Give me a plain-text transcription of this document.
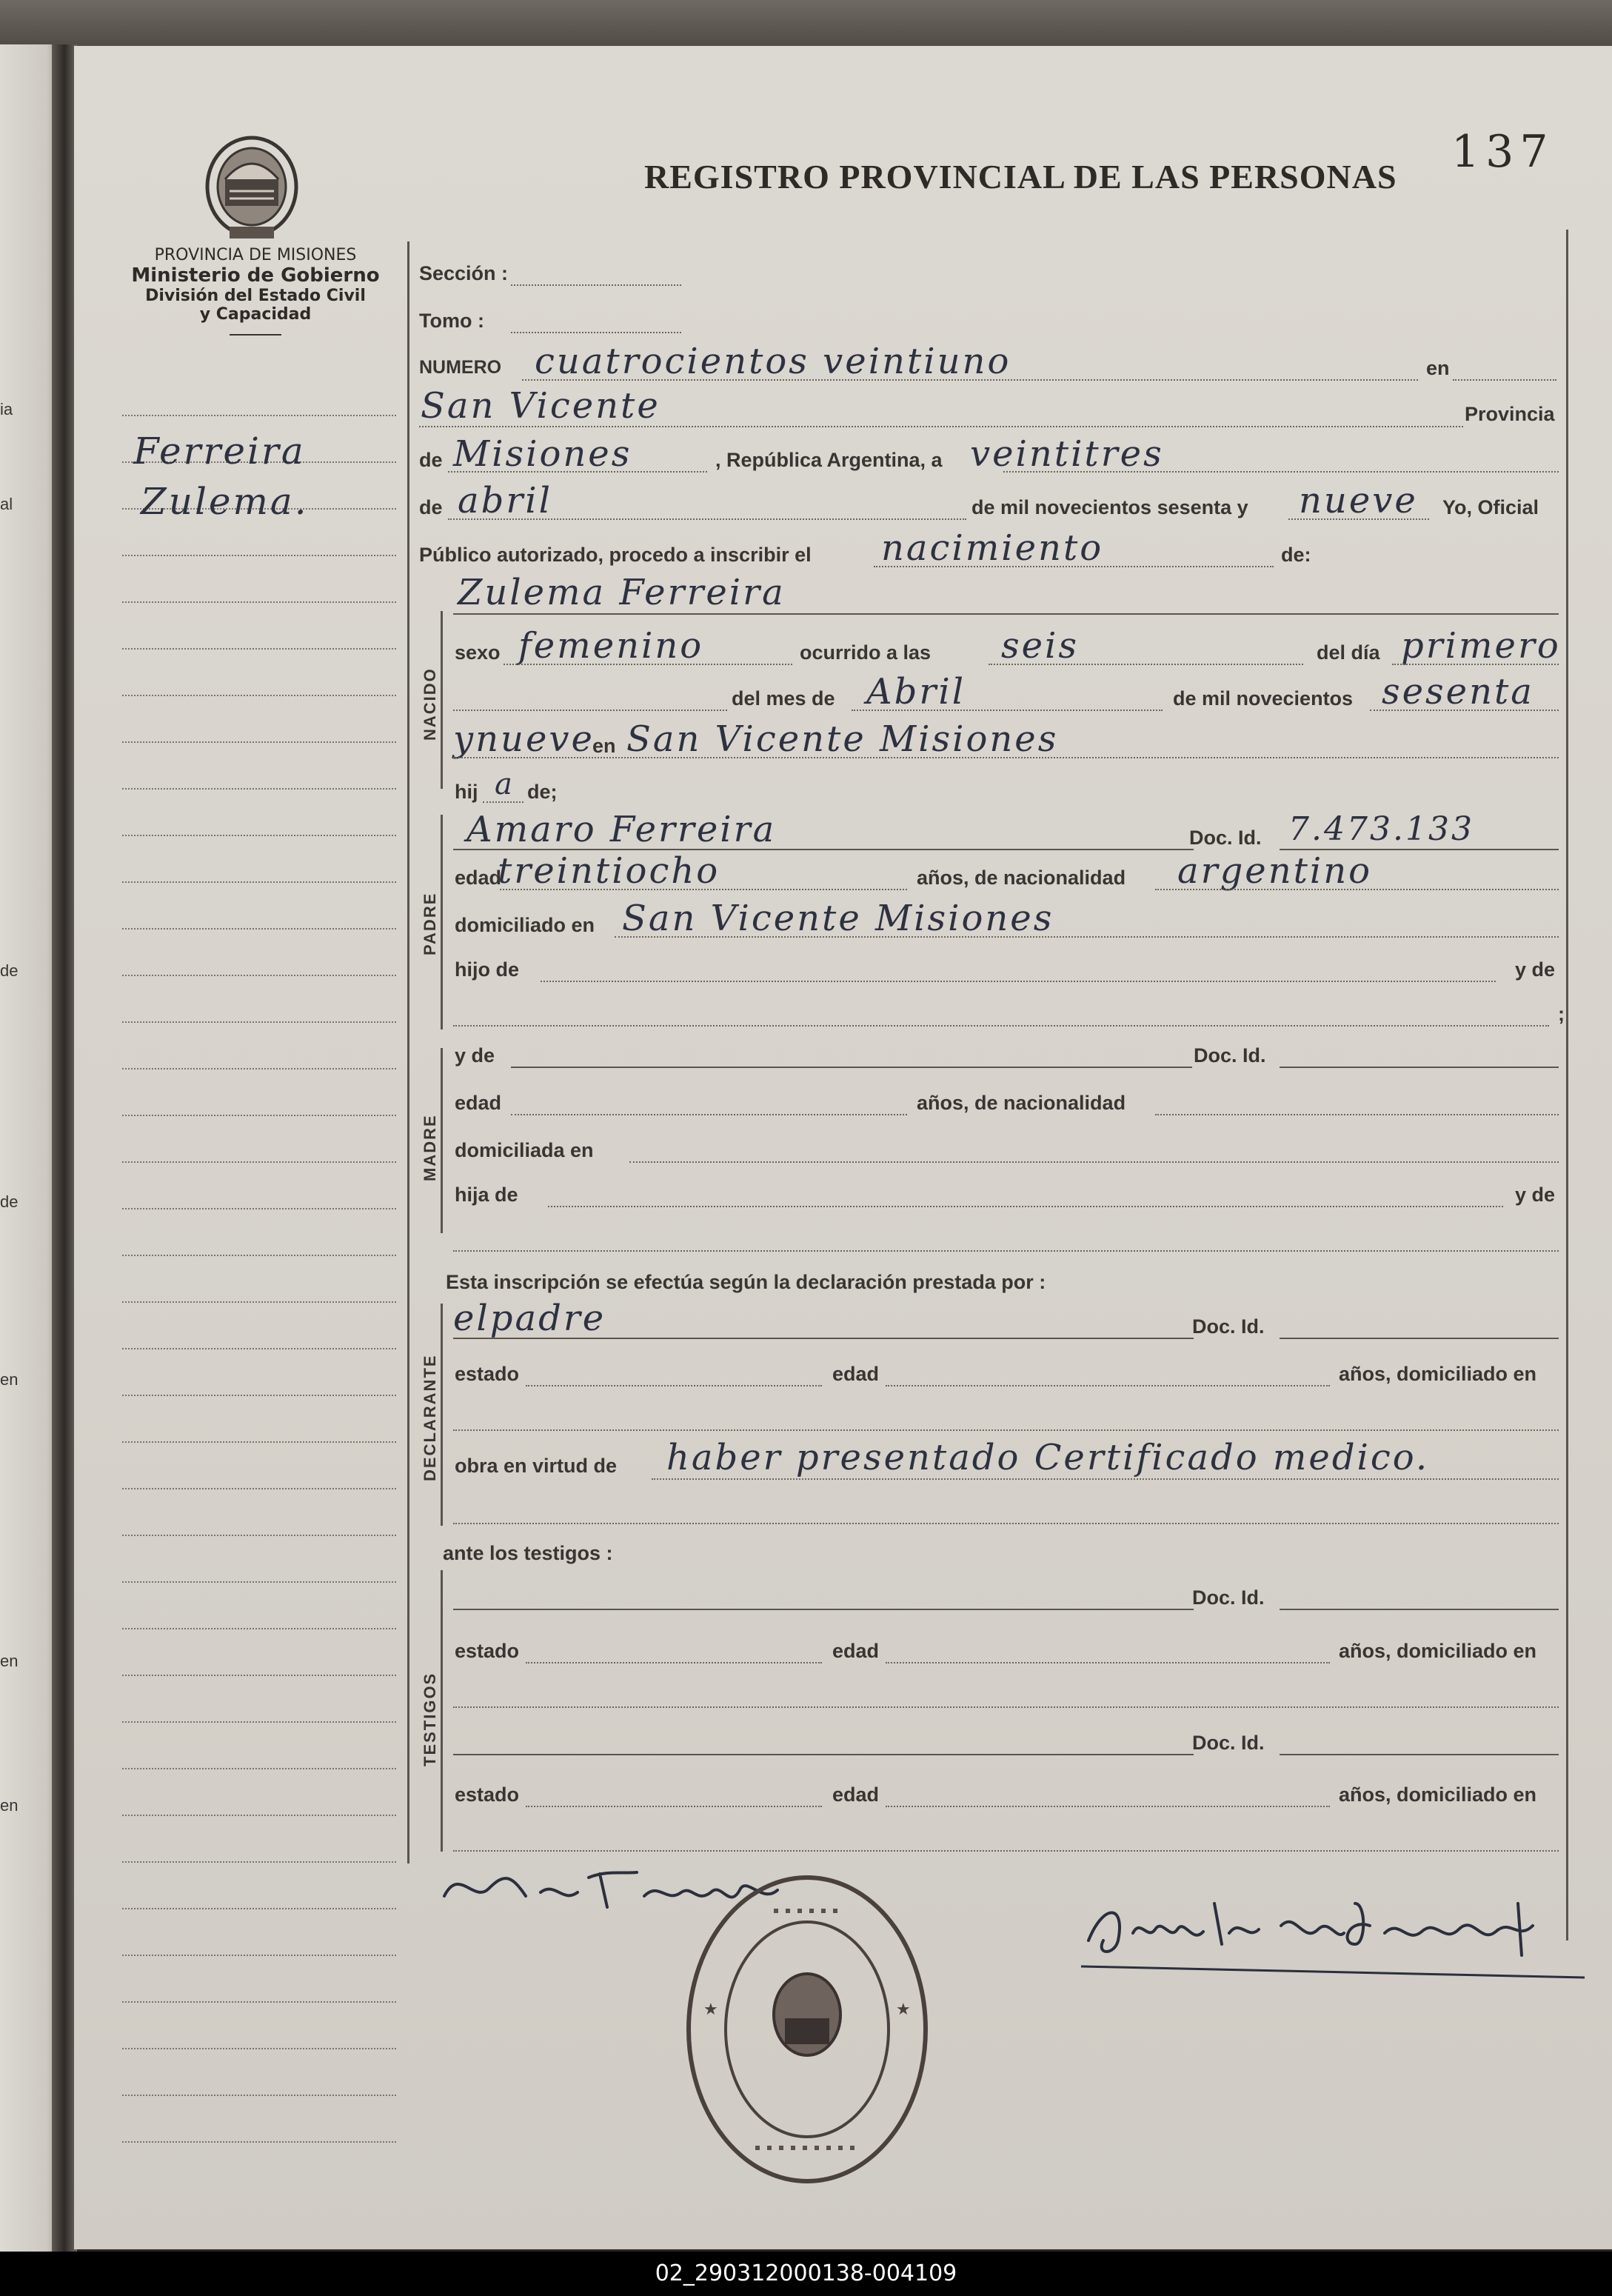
ia
al
de
de
en
en
en
PROVINCIA DE MISIONES
Ministerio de Gobierno
División del Estado Civil
y Capacidad
REGISTRO PROVINCIAL DE LAS PERSONAS 137
Ferreira
Zulema.
Sección :
Tomo :
NUMERO cuatrocientos veintiuno	en
San Vicente	Provincia
de Misiones	, República Argentina, a veintitres
de abril	de mil novecientos sesenta y nueve Yo, Oficial
Público autorizado, procedo a inscribir el nacimiento	de:
NACIDO
Zulema Ferreira
sexo femenino	ocurrido a las seis	del día primero
del mes de Abril	de mil novecientos sesenta
ynueve
en San Vicente Misiones
hij a de;
PADRE
Amaro Ferreira	Doc. Id. 7.473.133
edad
treintiocho	años, de nacionalidad argentino
domiciliado en San Vicente Misiones
hijo de	y de
;
MADRE
y de	Doc. Id.
edad	años, de nacionalidad
domiciliada en
hija de	y de
Esta inscripción se efectúa según la declaración prestada por :
DECLARANTE
elpadre	Doc. Id.
estado	edad	años, domiciliado en
obra en virtud de haber presentado Certificado medico.
ante los testigos :
TESTIGOS
Doc. Id.
estado	edad	años, domiciliado en
Doc. Id.
estado	edad	años, domiciliado en
★
★
02_290312000138-004109
